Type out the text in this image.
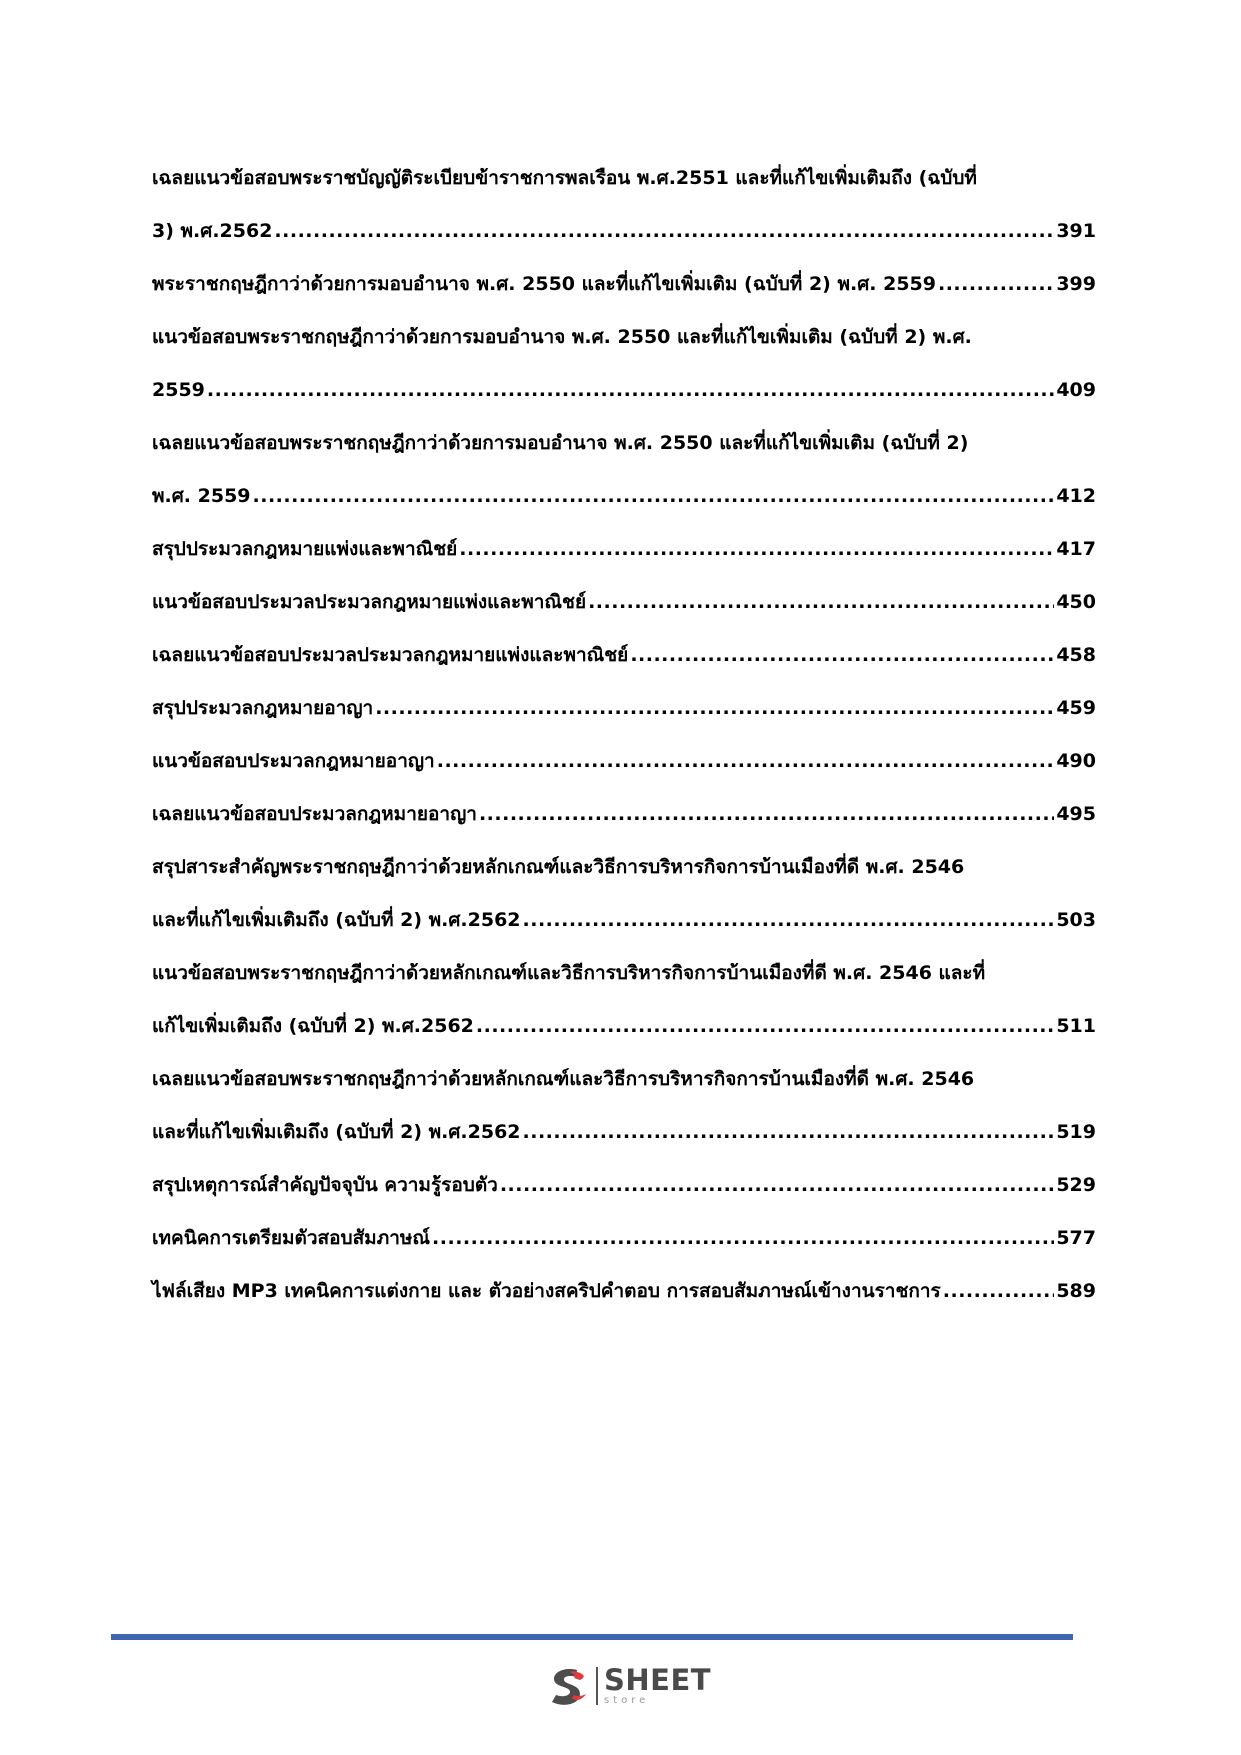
เฉลยแนวข้อสอบพระราชบัญญัติระเบียบข้าราชการพลเรือน พ.ศ.2551 และที่แก้ไขเพิ่มเติมถึง (ฉบับที่
3) พ.ศ.2562 .....	391
พระราชกฤษฎีกาว่าด้วยการมอบอำนาจ พ.ศ. 2550 และที่แก้ไขเพิ่มเติม (ฉบับที่ 2) พ.ศ. 2559 .....	399
แนวข้อสอบพระราชกฤษฎีกาว่าด้วยการมอบอำนาจ พ.ศ. 2550 และที่แก้ไขเพิ่มเติม (ฉบับที่ 2) พ.ศ.
2559 .....	409
เฉลยแนวข้อสอบพระราชกฤษฎีกาว่าด้วยการมอบอำนาจ พ.ศ. 2550 และที่แก้ไขเพิ่มเติม (ฉบับที่ 2)
พ.ศ. 2559 .....	412
สรุปประมวลกฎหมายแพ่งและพาณิชย์ .....	417
แนวข้อสอบประมวลประมวลกฎหมายแพ่งและพาณิชย์ .....	450
เฉลยแนวข้อสอบประมวลประมวลกฎหมายแพ่งและพาณิชย์ .....	458
สรุปประมวลกฎหมายอาญา .....	459
แนวข้อสอบประมวลกฎหมายอาญา .....	490
เฉลยแนวข้อสอบประมวลกฎหมายอาญา .....	495
สรุปสาระสำคัญพระราชกฤษฎีกาว่าด้วยหลักเกณฑ์และวิธีการบริหารกิจการบ้านเมืองที่ดี พ.ศ. 2546
และที่แก้ไขเพิ่มเติมถึง (ฉบับที่ 2) พ.ศ.2562 .....	503
แนวข้อสอบพระราชกฤษฎีกาว่าด้วยหลักเกณฑ์และวิธีการบริหารกิจการบ้านเมืองที่ดี พ.ศ. 2546 และที่
แก้ไขเพิ่มเติมถึง (ฉบับที่ 2) พ.ศ.2562 .....	511
เฉลยแนวข้อสอบพระราชกฤษฎีกาว่าด้วยหลักเกณฑ์และวิธีการบริหารกิจการบ้านเมืองที่ดี พ.ศ. 2546
และที่แก้ไขเพิ่มเติมถึง (ฉบับที่ 2) พ.ศ.2562 .....	519
สรุปเหตุการณ์สำคัญปัจจุบัน ความรู้รอบตัว .....	529
เทคนิคการเตรียมตัวสอบสัมภาษณ์ .....	577
ไฟล์เสียง MP3 เทคนิคการแต่งกาย และ ตัวอย่างสคริปคำตอบ การสอบสัมภาษณ์เข้างานราชการ .....	589
SHEET
store
